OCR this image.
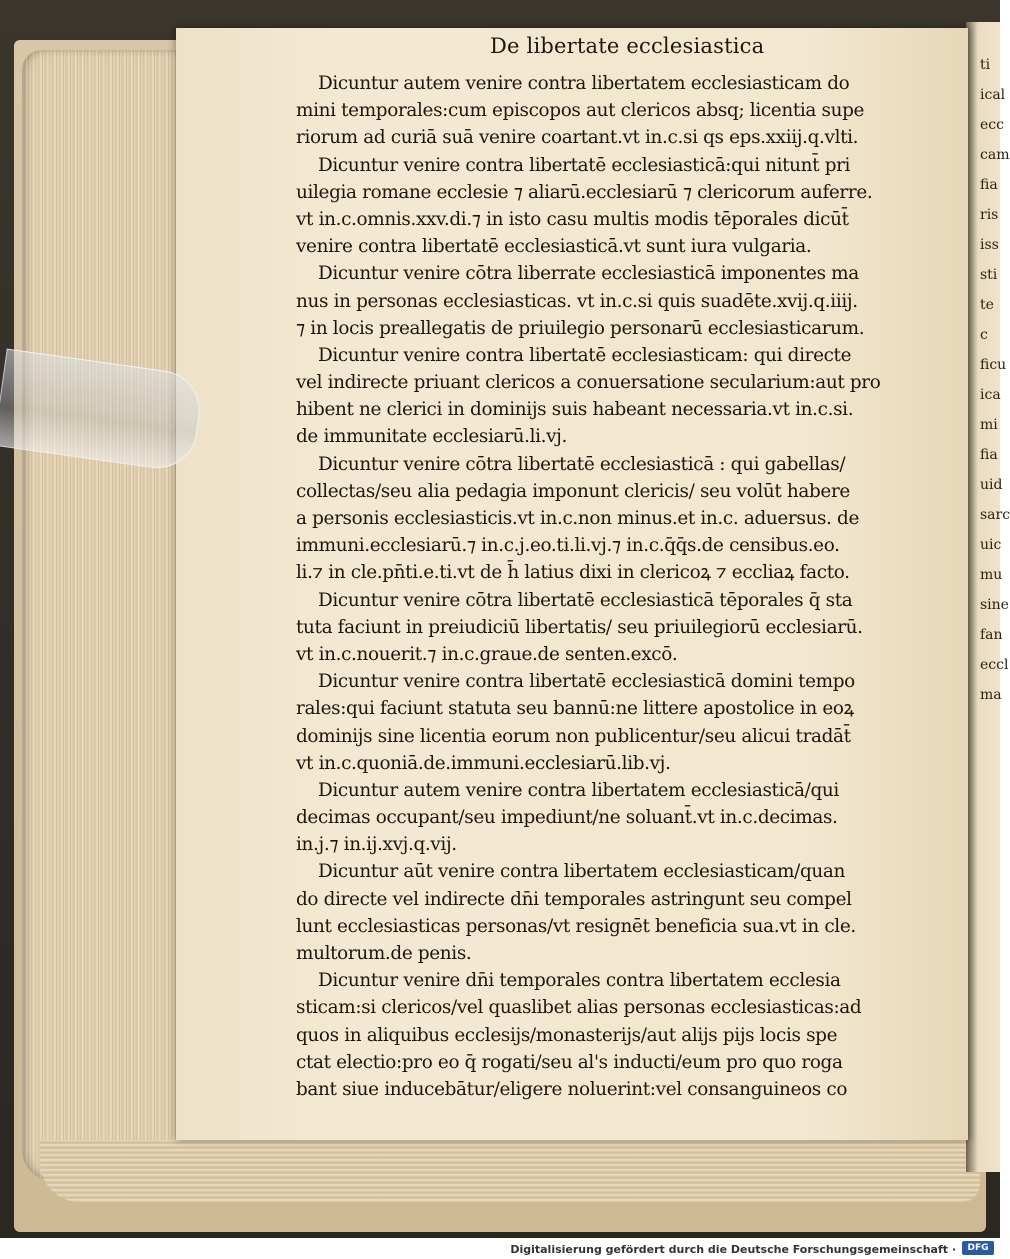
ti
ical
ecc
cam
fia
ris
iss
sti
te c
ficu
ica
mi
fia
uid
sarc
uic
mu
sine
fan
eccl
ma
De libertate ecclesiastica
Dicuntur autem venire contra libertatem ecclesiasticam do
mini temporales:cum episcopos aut clericos absq; licentia supe
riorum ad curiā suā venire coartant.vt in.c.si qs eps.xxiij.q.vlti.
Dicuntur venire contra libertatē ecclesiasticā:qui nitunt̄ pri
uilegia romane ecclesie ⁊ aliarū.ecclesiarū ⁊ clericorum auferre.
vt in.c.omnis.xxv.di.⁊ in isto casu multis modis tēporales dicūt̄
venire contra libertatē ecclesiasticā.vt sunt iura vulgaria.
Dicuntur venire cōtra liberrate ecclesiasticā imponentes ma
nus in personas ecclesiasticas. vt in.c.si quis suadēte.xvij.q.iiij.
⁊ in locis preallegatis de priuilegio personarū ecclesiasticarum.
Dicuntur venire contra libertatē ecclesiasticam: qui directe
vel indirecte priuant clericos a conuersatione secularium:aut pro
hibent ne clerici in dominijs suis habeant necessaria.vt in.c.si.
de immunitate ecclesiarū.li.vj.
Dicuntur venire cōtra libertatē ecclesiasticā : qui gabellas/
collectas/seu alia pedagia imponunt clericis/ seu volūt habere
a personis ecclesiasticis.vt in.c.non minus.et in.c. aduersus. de
immuni.ecclesiarū.⁊ in.c.j.eo.ti.li.vj.⁊ in.c.q̄q̄s.de censibus.eo.
li.⁊ in cle.pn̄ti.e.ti.vt de h̄ latius dixi in clericoꝝ ⁊ eccliaꝝ facto.
Dicuntur venire cōtra libertatē ecclesiasticā tēporales q̄ sta
tuta faciunt in preiudiciū libertatis/ seu priuilegiorū ecclesiarū.
vt in.c.nouerit.⁊ in.c.graue.de senten.excō.
Dicuntur venire contra libertatē ecclesiasticā domini tempo
rales:qui faciunt statuta seu bannū:ne littere apostolice in eoꝝ
dominijs sine licentia eorum non publicentur/seu alicui tradāt̄
vt in.c.quoniā.de.immuni.ecclesiarū.lib.vj.
Dicuntur autem venire contra libertatem ecclesiasticā/qui
decimas occupant/seu impediunt/ne soluant̄.vt in.c.decimas.
in.j.⁊ in.ij.xvj.q.vij.
Dicuntur aūt venire contra libertatem ecclesiasticam/quan
do directe vel indirecte dn̄i temporales astringunt seu compel
lunt ecclesiasticas personas/vt resignēt beneficia sua.vt in cle.
multorum.de penis.
Dicuntur venire dn̄i temporales contra libertatem ecclesia
sticam:si clericos/vel quaslibet alias personas ecclesiasticas:ad
quos in aliquibus ecclesijs/monasterijs/aut alijs pijs locis spe
ctat electio:pro eo q̄ rogati/seu al's inducti/eum pro quo roga
bant siue inducebātur/eligere noluerint:vel consanguineos co
Digitalisierung gefördert durch die Deutsche Forschungsgemeinschaft ·	DFG
